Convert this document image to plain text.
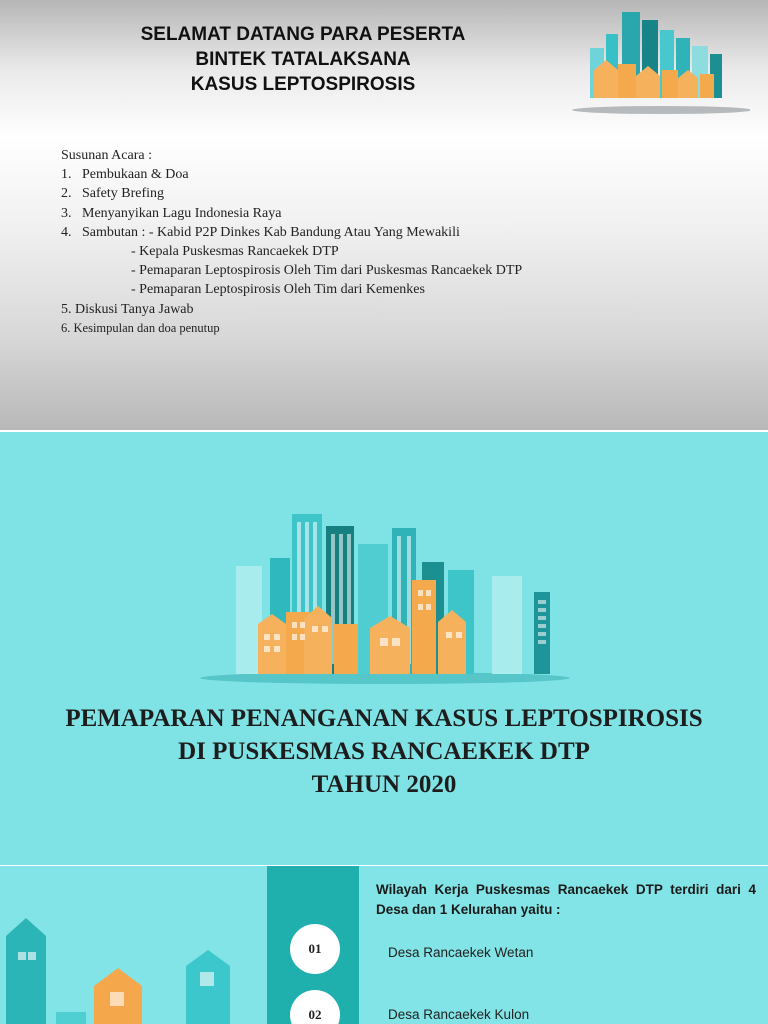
SELAMAT DATANG PARA PESERTA
BINTEK TATALAKSANA
KASUS LEPTOSPIROSIS
Susunan Acara :
1. Pembukaan & Doa
2. Safety Brefing
3. Menyanyikan Lagu Indonesia Raya
4. Sambutan : - Kabid P2P Dinkes Kab Bandung Atau Yang Mewakili
- Kepala Puskesmas Rancaekek DTP
- Pemaparan Leptospirosis Oleh Tim dari Puskesmas Rancaekek DTP
- Pemaparan Leptospirosis Oleh Tim dari Kemenkes
5. Diskusi Tanya Jawab
6. Kesimpulan dan doa penutup
PEMAPARAN PENANGANAN KASUS LEPTOSPIROSIS
DI PUSKESMAS RANCAEKEK DTP
TAHUN 2020
Wilayah Kerja Puskesmas Rancaekek DTP terdiri dari 4 Desa dan 1 Kelurahan yaitu :
01	Desa Rancaekek Wetan
02	Desa Rancaekek Kulon
